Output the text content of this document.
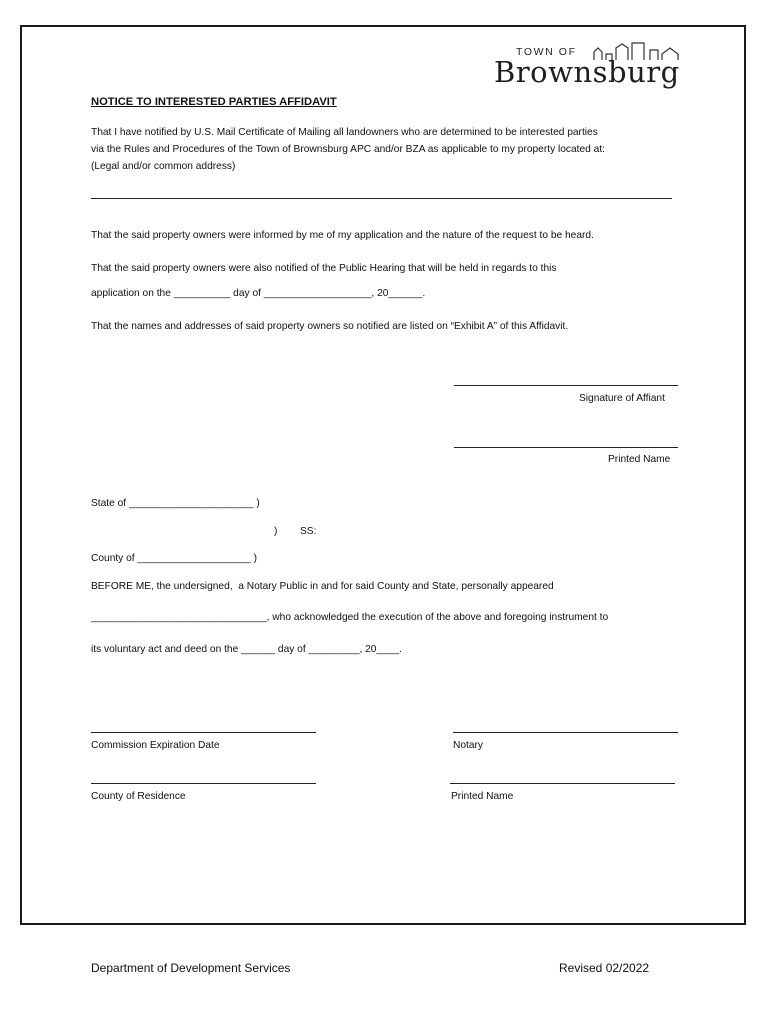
TOWN OF
Brownsburg
NOTICE TO INTERESTED PARTIES AFFIDAVIT
That I have notified by U.S. Mail Certificate of Mailing all landowners who are determined to be interested parties
via the Rules and Procedures of the Town of Brownsburg APC and/or BZA as applicable to my property located at:
(Legal and/or common address)
That the said property owners were informed by me of my application and the nature of the request to be heard.
That the said property owners were also notified of the Public Hearing that will be held in regards to this
application on the __________ day of ___________________, 20______.
That the names and addresses of said property owners so notified are listed on “Exhibit A” of this Affidavit.
Signature of Affiant
Printed Name
State of ______________________ )
) SS:
County of ____________________ )
BEFORE ME, the undersigned,  a Notary Public in and for said County and State, personally appeared
_______________________________, who acknowledged the execution of the above and foregoing instrument to
its voluntary act and deed on the ______ day of _________, 20____.
Commission Expiration Date	Notary
County of Residence	Printed Name
Department of Development Services	Revised 02/2022
